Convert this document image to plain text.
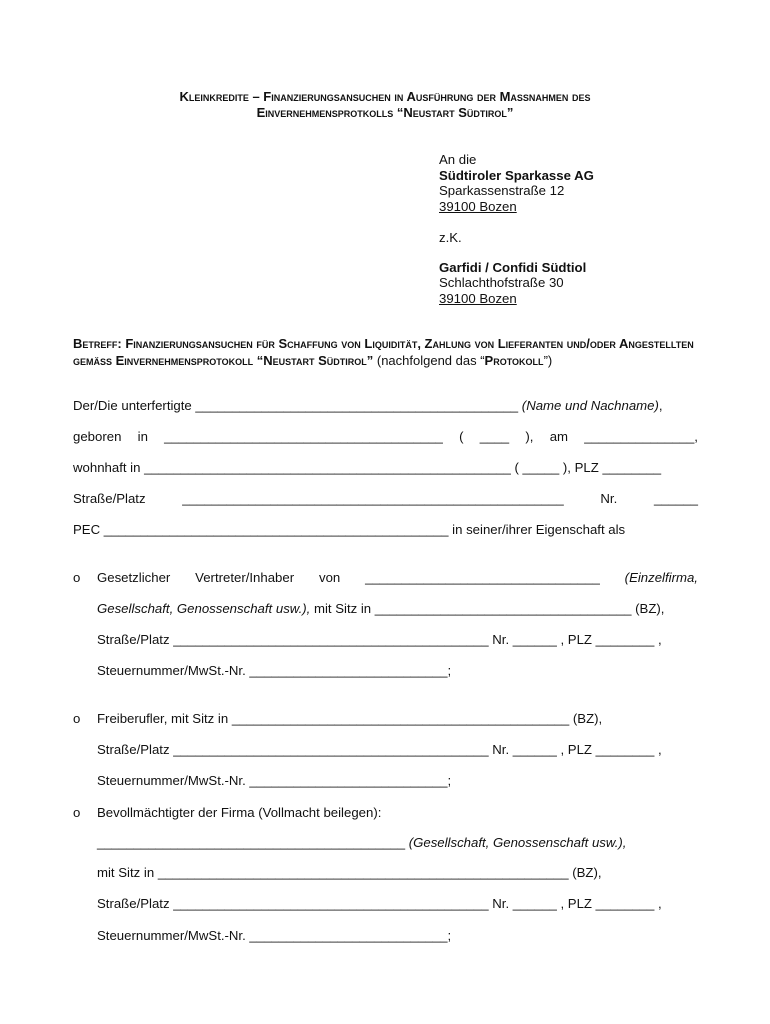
Kleinkredite – Finanzierungsansuchen in Ausführung der Maßnahmen des
Einvernehmensprotkolls “Neustart Südtirol”
An die
Südtiroler Sparkasse AG
Sparkassenstraße 12
39100 Bozen
z.K.
Garfidi / Confidi Südtiol
Schlachthofstraße 30
39100 Bozen
Betreff: Finanzierungsansuchen für Schaffung von Liquidität, Zahlung von Lieferanten und/oder Angestellten gemäß Einvernehmensprotokoll “Neustart Südtirol” (nachfolgend das “Protokoll”)
Der/Die unterfertigte ____________________________________________ (Name und Nachname),
geboren in ______________________________________ ( ____ ), am _______________,
wohnhaft in __________________________________________________ ( _____ ), PLZ ________
Straße/Platz	____________________________________________________	Nr.	______
PEC _______________________________________________ in seiner/ihrer Eigenschaft als
o Gesetzlicher Vertreter/Inhaber von ________________________________ (Einzelfirma,
Gesellschaft, Genossenschaft usw.), mit Sitz in ___________________________________ (BZ),
Straße/Platz ___________________________________________ Nr. ______ , PLZ ________ ,
Steuernummer/MwSt.-Nr. ___________________________;
o Freiberufler, mit Sitz in ______________________________________________ (BZ),
Straße/Platz ___________________________________________ Nr. ______ , PLZ ________ ,
Steuernummer/MwSt.-Nr. ___________________________;
o Bevollmächtigter der Firma (Vollmacht beilegen):
__________________________________________ (Gesellschaft, Genossenschaft usw.),
mit Sitz in ________________________________________________________ (BZ),
Straße/Platz ___________________________________________ Nr. ______ , PLZ ________ ,
Steuernummer/MwSt.-Nr. ___________________________;
